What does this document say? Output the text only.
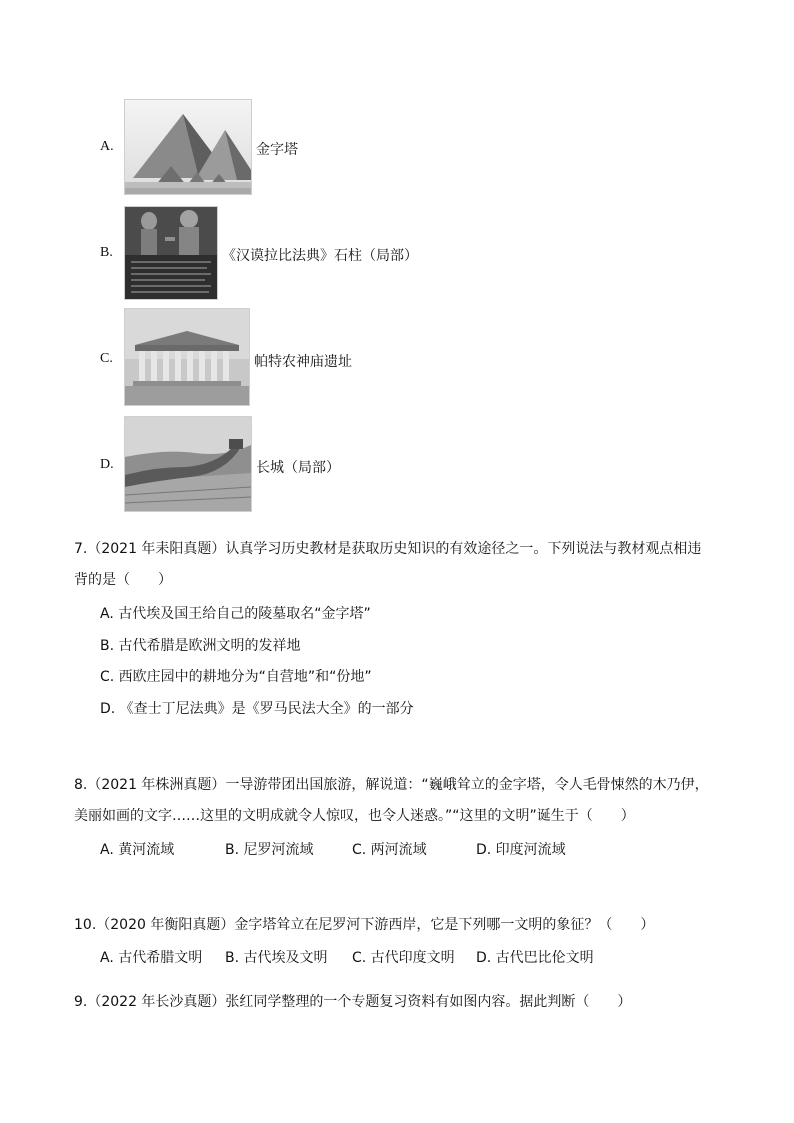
A.	金字塔
B.	《汉谟拉比法典》石柱（局部）
C.	帕特农神庙遗址
D.	长城（局部）
7.（2021 年耒阳真题）认真学习历史教材是获取历史知识的有效途径之一。下列说法与教材观点相违
背的是（　　）
A. 古代埃及国王给自己的陵墓取名“金字塔”
B. 古代希腊是欧洲文明的发祥地
C. 西欧庄园中的耕地分为“自营地”和“份地”
D. 《查士丁尼法典》是《罗马民法大全》的一部分
8.（2021 年株洲真题）一导游带团出国旅游，解说道：“巍峨耸立的金字塔，令人毛骨悚然的木乃伊，
美丽如画的文字……这里的文明成就令人惊叹，也令人迷惑。”“这里的文明”诞生于（　　）
A. 黄河流域	B. 尼罗河流域	C. 两河流域	D. 印度河流域
10.（2020 年衡阳真题）金字塔耸立在尼罗河下游西岸，它是下列哪一文明的象征？（　　）
A. 古代希腊文明 B. 古代埃及文明 C. 古代印度文明 D. 古代巴比伦文明
9.（2022 年长沙真题）张红同学整理的一个专题复习资料有如图内容。据此判断（　　）
